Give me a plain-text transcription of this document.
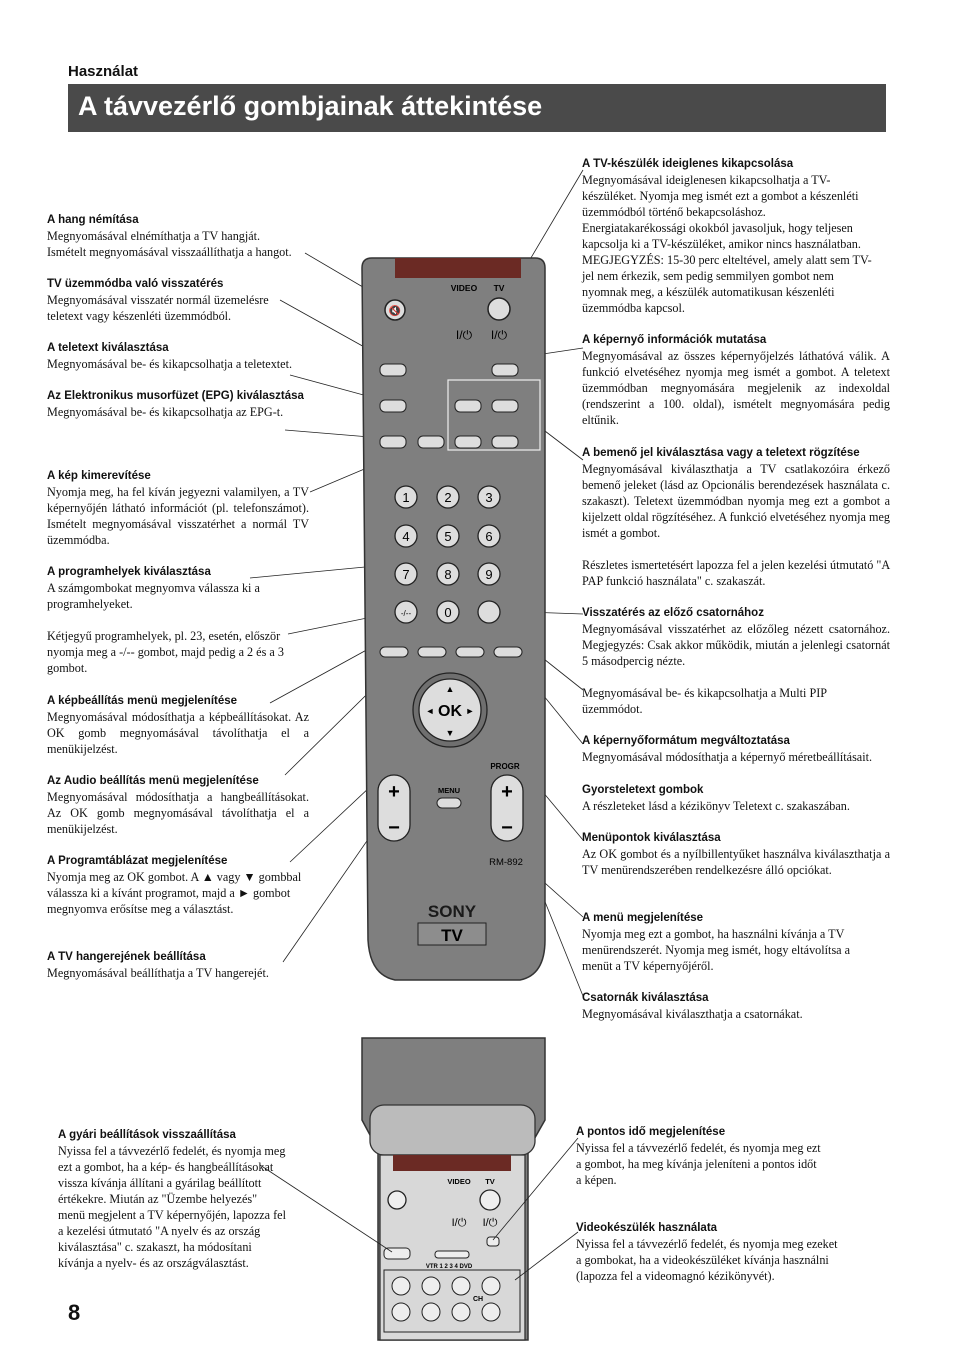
Használat
A távvezérlő gombjainak áttekintése
A hang némítása

Megnyomásával elnémíthatja a TV hangját.

Ismételt megnyomásával visszaállíthatja a hangot.

TV üzemmódba való visszatérés

Megnyomásával visszatér normál üzemelésre

teletext vagy készenléti üzemmódból.

A teletext kiválasztása

Megnyomásával be- és kikapcsolhatja a teletextet.

Az Elektronikus musorfüzet (EPG) kiválasztása

Megnyomásával be- és kikapcsolhatja az EPG-t.

A kép kimerevítése

Nyomja meg, ha fel kíván jegyezni valamilyen, a TV képernyőjén látható információt (pl. telefonszámot). Ismételt megnyomásával visszatérhet a normál TV üzemmódba.

A programhelyek kiválasztása

A számgombokat megnyomva válassza ki a programhelyeket.

Kétjegyű programhelyek, pl. 23, esetén, először

nyomja meg a -/-- gombot, majd pedig a 2 és a 3

gombot.

A képbeállítás menü megjelenítése

Megnyomásával módosíthatja a képbeállításokat. Az OK gomb megnyomásával távolíthatja el a menükijelzést.

Az Audio beállítás menü megjelenítése

Megnyomásával módosíthatja a hangbeállításokat. Az OK gomb megnyomásával távolíthatja el a menükijelzést.

A Programtáblázat megjelenítése

Nyomja meg az OK gombot. A ▲ vagy ▼ gombbal

válassza ki a kívánt programot, majd a ► gombot

megnyomva erősítse meg a választást.

A TV hangerejének beállítása

Megnyomásával beállíthatja a TV hangerejét.

A TV-készülék ideiglenes kikapcsolása

Megnyomásával ideiglenesen kikapcsolhatja a TV-

készüléket. Nyomja meg ismét ezt a gombot a készenléti

üzemmódból történő bekapcsoláshoz.

Energiatakarékossági okokból javasoljuk, hogy teljesen

kapcsolja ki a TV-készüléket, amikor nincs használatban.

MEGJEGYZÉS: 15-30 perc elteltével, amely alatt sem TV-

jel nem érkezik, sem pedig semmilyen gombot nem

nyomnak meg, a készülék automatikusan készenléti

üzemmódba kapcsol.

A képernyő információk mutatása

Megnyomásával az összes képernyőjelzés láthatóvá válik. A funkció elvetéséhez nyomja meg ismét a gombot. A teletext üzemmódban megnyomására megjelenik az indexoldal (rendszerint a 100. oldal), ismételt megnyomására pedig eltűnik.

A bemenő jel kiválasztása vagy a teletext rögzítése

Megnyomásával kiválaszthatja a TV csatlakozóira érkező bemenő jeleket (lásd az Opcionális berendezések használata c. szakaszt). Teletext üzemmódban nyomja meg ezt a gombot a kijelzett oldal rögzítéséhez. A funkció elvetéséhez nyomja meg ismét a gombot.

Részletes ismertetésért lapozza fel a jelen kezelési útmutató "A PAP funkció használata" c. szakaszát.

Visszatérés az előző csatornához

Megnyomásával visszatérhet az előzőleg nézett csatornához. Megjegyzés: Csak akkor működik, miután a jelenlegi csatornát 5 másodpercig nézte.

Megnyomásával be- és kikapcsolhatja a Multi PIP üzemmódot.

A képernyőformátum megváltoztatása

Megnyomásával módosíthatja a képernyő méretbeállításait.

Gyorsteletext gombok

A részleteket lásd a kézikönyv Teletext c. szakaszában.

Menüpontok kiválasztása

Az OK gombot és a nyílbillentyűket használva kiválaszthatja a TV menürendszerében rendelkezésre álló opciókat.

A menü megjelenítése

Nyomja meg ezt a gombot, ha használni kívánja a TV

menürendszerét. Nyomja meg ismét, hogy eltávolítsa a

menüt a TV képernyőjéről.

Csatornák kiválasztása

Megnyomásával kiválaszthatja a csatornákat.

A gyári beállítások visszaállítása

Nyissa fel a távvezérlő fedelét, és nyomja meg

ezt a gombot, ha a kép- és hangbeállításokat

vissza kívánja állítani a gyárilag beállított

értékekre. Miután az "Üzembe helyezés"

menü megjelent a TV képernyőjén, lapozza fel

a kezelési útmutató "A nyelv és az ország

kiválasztása" c. szakaszt, ha módosítani

kívánja a nyelv- és az országválasztást.

A pontos idő megjelenítése

Nyissa fel a távvezérlő fedelét, és nyomja meg ezt

a gombot, ha meg kívánja jeleníteni a pontos időt

a képen.

Videokészülék használata

Nyissa fel a távvezérlő fedelét, és nyomja meg ezeket

a gombokat, ha a videokészüléket kívánja használni

(lapozza fel a videomagnó kézikönyvét).

8
🔇
VIDEO TV
I/⏻ I/⏻
1	2	3
4	5	6
7	8	9
-/--	0
OK
▲
▼
◄	►
+
−
PROGR
+
−
MENU
RM-892
SONY
TV
VIDEO TV
I/⏻ I/⏻
VTR 1 2 3 4 DVD
CH
